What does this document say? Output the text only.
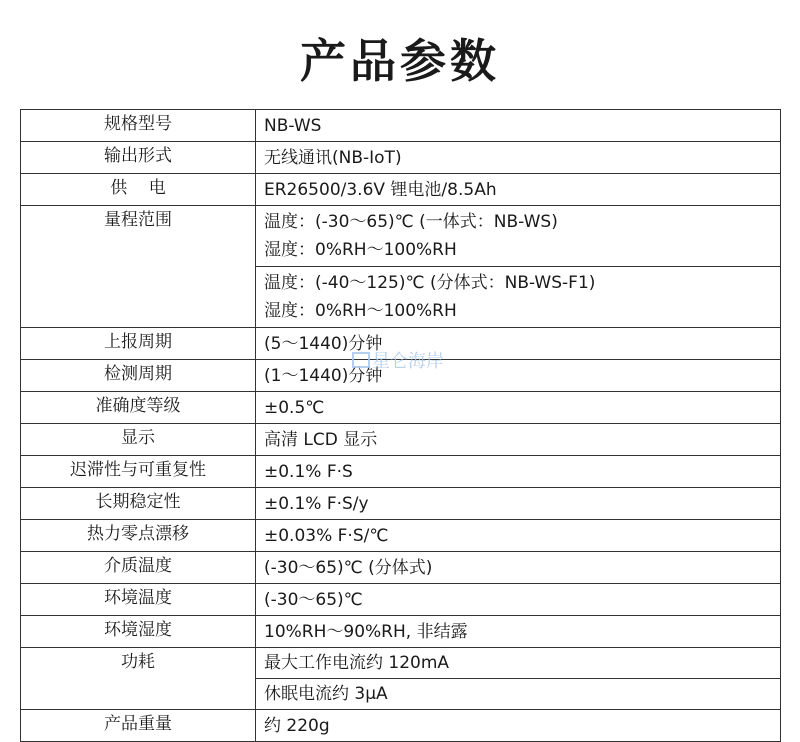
产品参数
规格型号	NB-WS
输出形式	无线通讯(NB-IoT)
供    电	ER26500/3.6V 锂电池/8.5Ah
量程范围	温度：(-30～65)℃ (一体式：NB-WS)
湿度：0%RH～100%RH

	温度：(-40～125)℃ (分体式：NB-WS-F1)
湿度：0%RH～100%RH

上报周期	(5～1440)分钟
检测周期	(1～1440)分钟
准确度等级	±0.5℃
显示	高清 LCD 显示
迟滞性与可重复性	±0.1% F·S
长期稳定性	±0.1% F·S/y
热力零点漂移	±0.03% F·S/℃
介质温度	(-30～65)℃ (分体式)
环境温度	(-30～65)℃
环境湿度	10%RH～90%RH, 非结露
功耗	最大工作电流约 120mA
	休眠电流约 3μA
产品重量	约 220g
星仑海岸
